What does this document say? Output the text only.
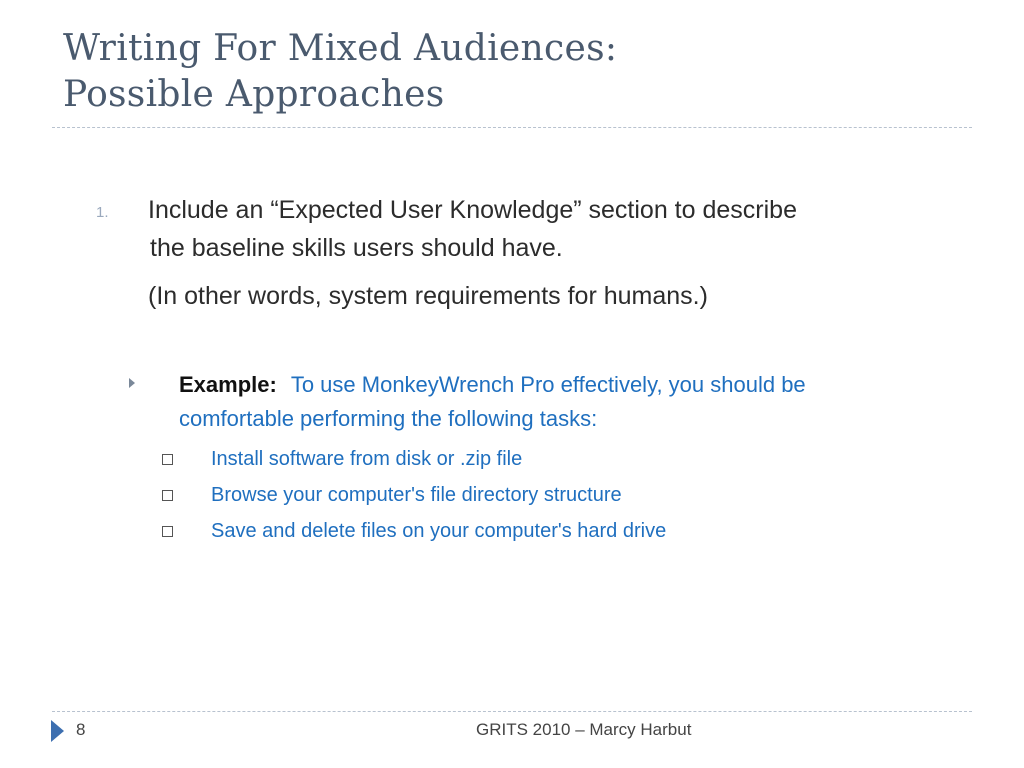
Writing For Mixed Audiences:
Possible Approaches
1. Include an “Expected User Knowledge” section to describe
the baseline skills users should have.
(In other words, system requirements for humans.)
Example: To use MonkeyWrench Pro effectively, you should be
comfortable performing the following tasks:
Install software from disk or .zip file
Browse your computer's file directory structure
Save and delete files on your computer's hard drive
8	GRITS 2010 – Marcy Harbut
